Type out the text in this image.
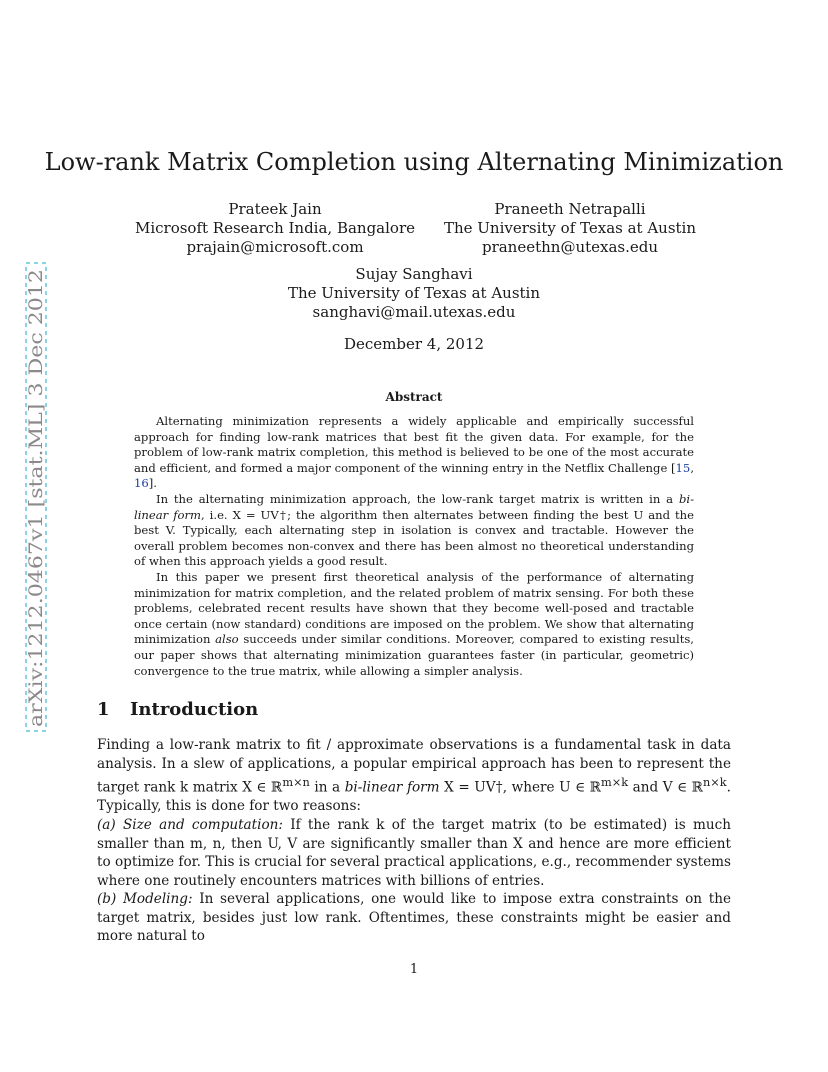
arXiv:1212.0467v1 [stat.ML] 3 Dec 2012
Low-rank Matrix Completion using Alternating Minimization
Prateek Jain
Microsoft Research India, Bangalore
prajain@microsoft.com
Praneeth Netrapalli
The University of Texas at Austin
praneethn@utexas.edu
Sujay Sanghavi
The University of Texas at Austin
sanghavi@mail.utexas.edu
December 4, 2012
Abstract

Alternating minimization represents a widely applicable and empirically successful approach for finding low-rank matrices that best fit the given data. For example, for the problem of low-rank matrix completion, this method is believed to be one of the most accurate and efficient, and formed a major component of the winning entry in the Netflix Challenge [15, 16].

In the alternating minimization approach, the low-rank target matrix is written in a bi-linear form, i.e. X = UV†; the algorithm then alternates between finding the best U and the best V. Typically, each alternating step in isolation is convex and tractable. However the overall problem becomes non-convex and there has been almost no theoretical understanding of when this approach yields a good result.

In this paper we present first theoretical analysis of the performance of alternating minimization for matrix completion, and the related problem of matrix sensing. For both these problems, celebrated recent results have shown that they become well-posed and tractable once certain (now standard) conditions are imposed on the problem. We show that alternating minimization also succeeds under similar conditions. Moreover, compared to existing results, our paper shows that alternating minimization guarantees faster (in particular, geometric) convergence to the true matrix, while allowing a simpler analysis.

1 Introduction

Finding a low-rank matrix to fit / approximate observations is a fundamental task in data analysis. In a slew of applications, a popular empirical approach has been to represent the target rank k matrix X ∈ ℝ$^{m\times n}$ in a bi-linear form X = UV†, where U ∈ ℝ$^{m\times k}$ and V ∈ ℝ$^{n\times k}$. Typically, this is done for two reasons:

(a) Size and computation: If the rank k of the target matrix (to be estimated) is much smaller than m, n, then U, V are significantly smaller than X and hence are more efficient to optimize for. This is crucial for several practical applications, e.g., recommender systems where one routinely encounters matrices with billions of entries.

(b) Modeling: In several applications, one would like to impose extra constraints on the target matrix, besides just low rank. Oftentimes, these constraints might be easier and more natural to

1
